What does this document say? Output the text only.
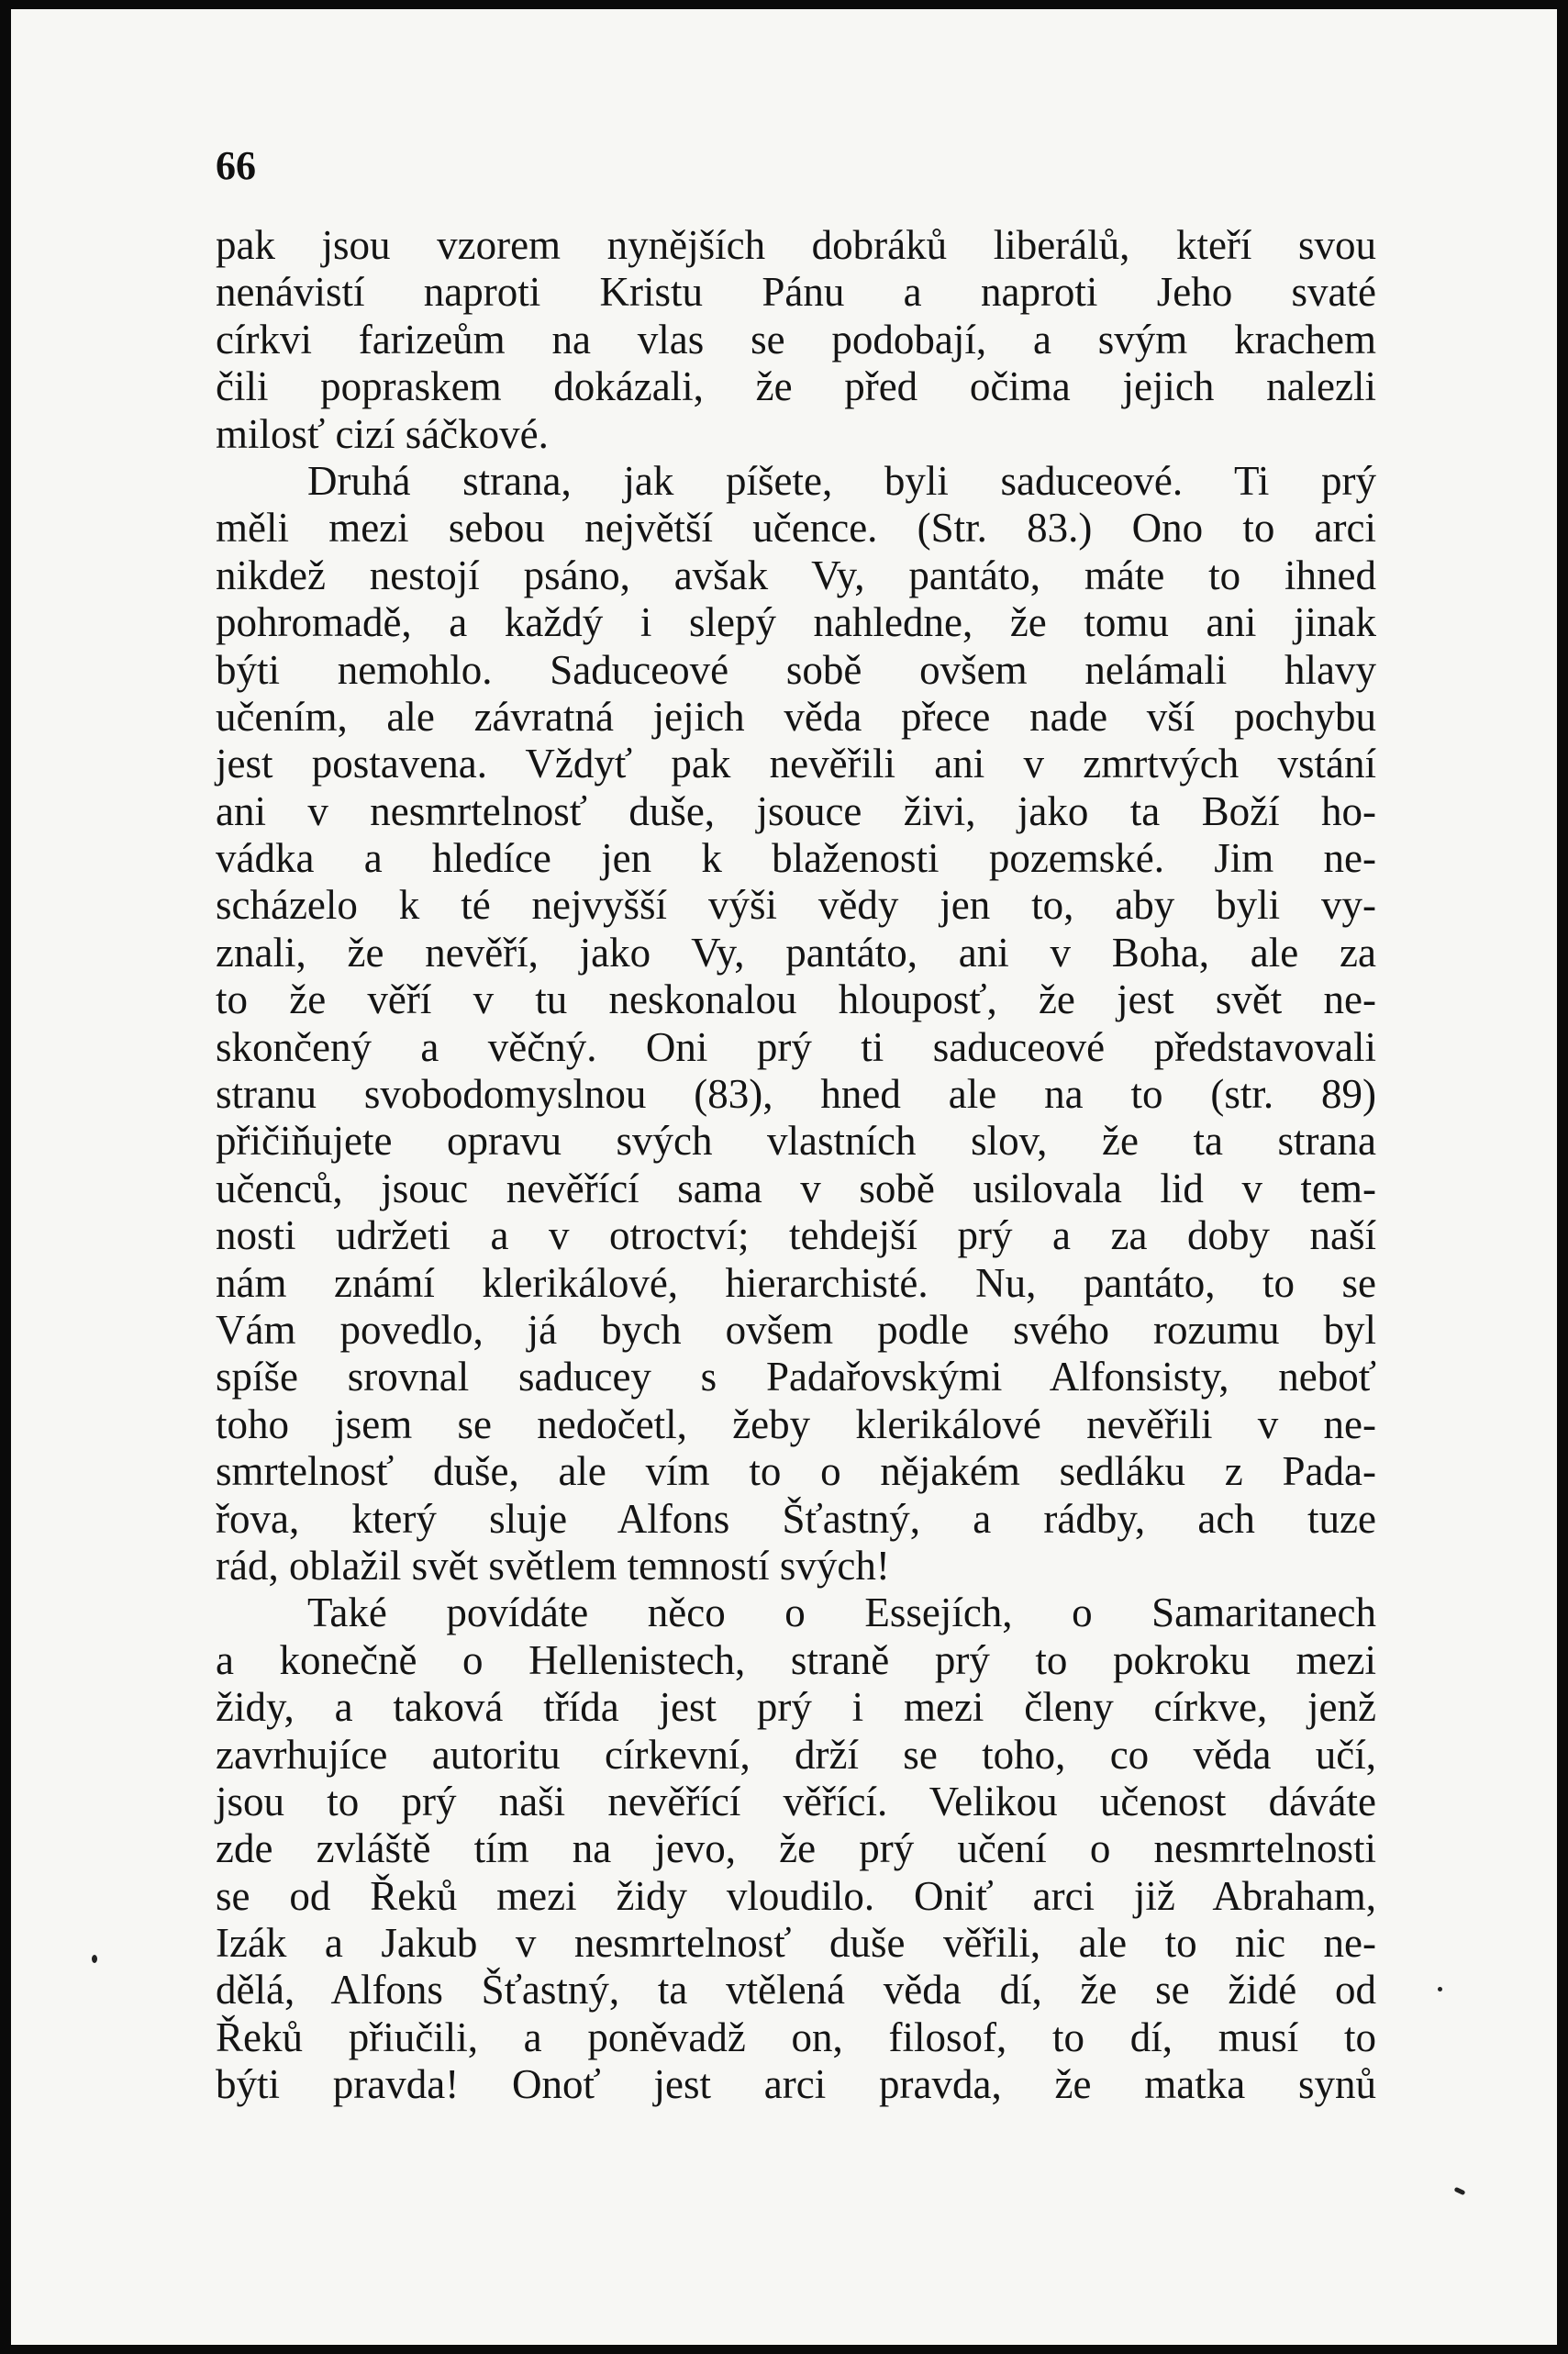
66
pak jsou vzorem nynějších dobráků liberálů, kteří svou
nenávistí naproti Kristu Pánu a naproti Jeho svaté
církvi farizeům na vlas se podobají, a svým krachem
čili popraskem dokázali, že před očima jejich nalezli
milosť cizí sáčkové.
Druhá strana, jak píšete, byli saduceové. Ti prý
měli mezi sebou největší učence. (Str. 83.) Ono to arci
nikdež nestojí psáno, avšak Vy, pantáto, máte to ihned
pohromadě, a každý i slepý nahledne, že tomu ani jinak
býti nemohlo. Saduceové sobě ovšem nelámali hlavy
učením, ale závratná jejich věda přece nade vší pochybu
jest postavena. Vždyť pak nevěřili ani v zmrtvých vstání
ani v nesmrtelnosť duše, jsouce živi, jako ta Boží ho-
vádka a hledíce jen k blaženosti pozemské. Jim ne-
scházelo k té nejvyšší výši vědy jen to, aby byli vy-
znali, že nevěří, jako Vy, pantáto, ani v Boha, ale za
to že věří v tu neskonalou hlouposť, že jest svět ne-
skončený a věčný. Oni prý ti saduceové představovali
stranu svobodomyslnou (83), hned ale na to (str. 89)
přičiňujete opravu svých vlastních slov, že ta strana
učenců, jsouc nevěřící sama v sobě usilovala lid v tem-
nosti udržeti a v otroctví; tehdejší prý a za doby naší
nám známí klerikálové, hierarchisté. Nu, pantáto, to se
Vám povedlo, já bych ovšem podle svého rozumu byl
spíše srovnal saducey s Padařovskými Alfonsisty, neboť
toho jsem se nedočetl, žeby klerikálové nevěřili v ne-
smrtelnosť duše, ale vím to o nějakém sedláku z Pada-
řova, který sluje Alfons Šťastný, a rádby, ach tuze
rád, oblažil svět světlem temností svých!
Také povídáte něco o Essejích, o Samaritanech
a konečně o Hellenistech, straně prý to pokroku mezi
židy, a taková třída jest prý i mezi členy církve, jenž
zavrhujíce autoritu církevní, drží se toho, co věda učí,
jsou to prý naši nevěřící věřící. Velikou učenost dáváte
zde zvláště tím na jevo, že prý učení o nesmrtelnosti
se od Řeků mezi židy vloudilo. Oniť arci již Abraham,
Izák a Jakub v nesmrtelnosť duše věřili, ale to nic ne-
dělá, Alfons Šťastný, ta vtělená věda dí, že se židé od
Řeků přiučili, a poněvadž on, filosof, to dí, musí to
býti pravda! Onoť jest arci pravda, že matka synů
